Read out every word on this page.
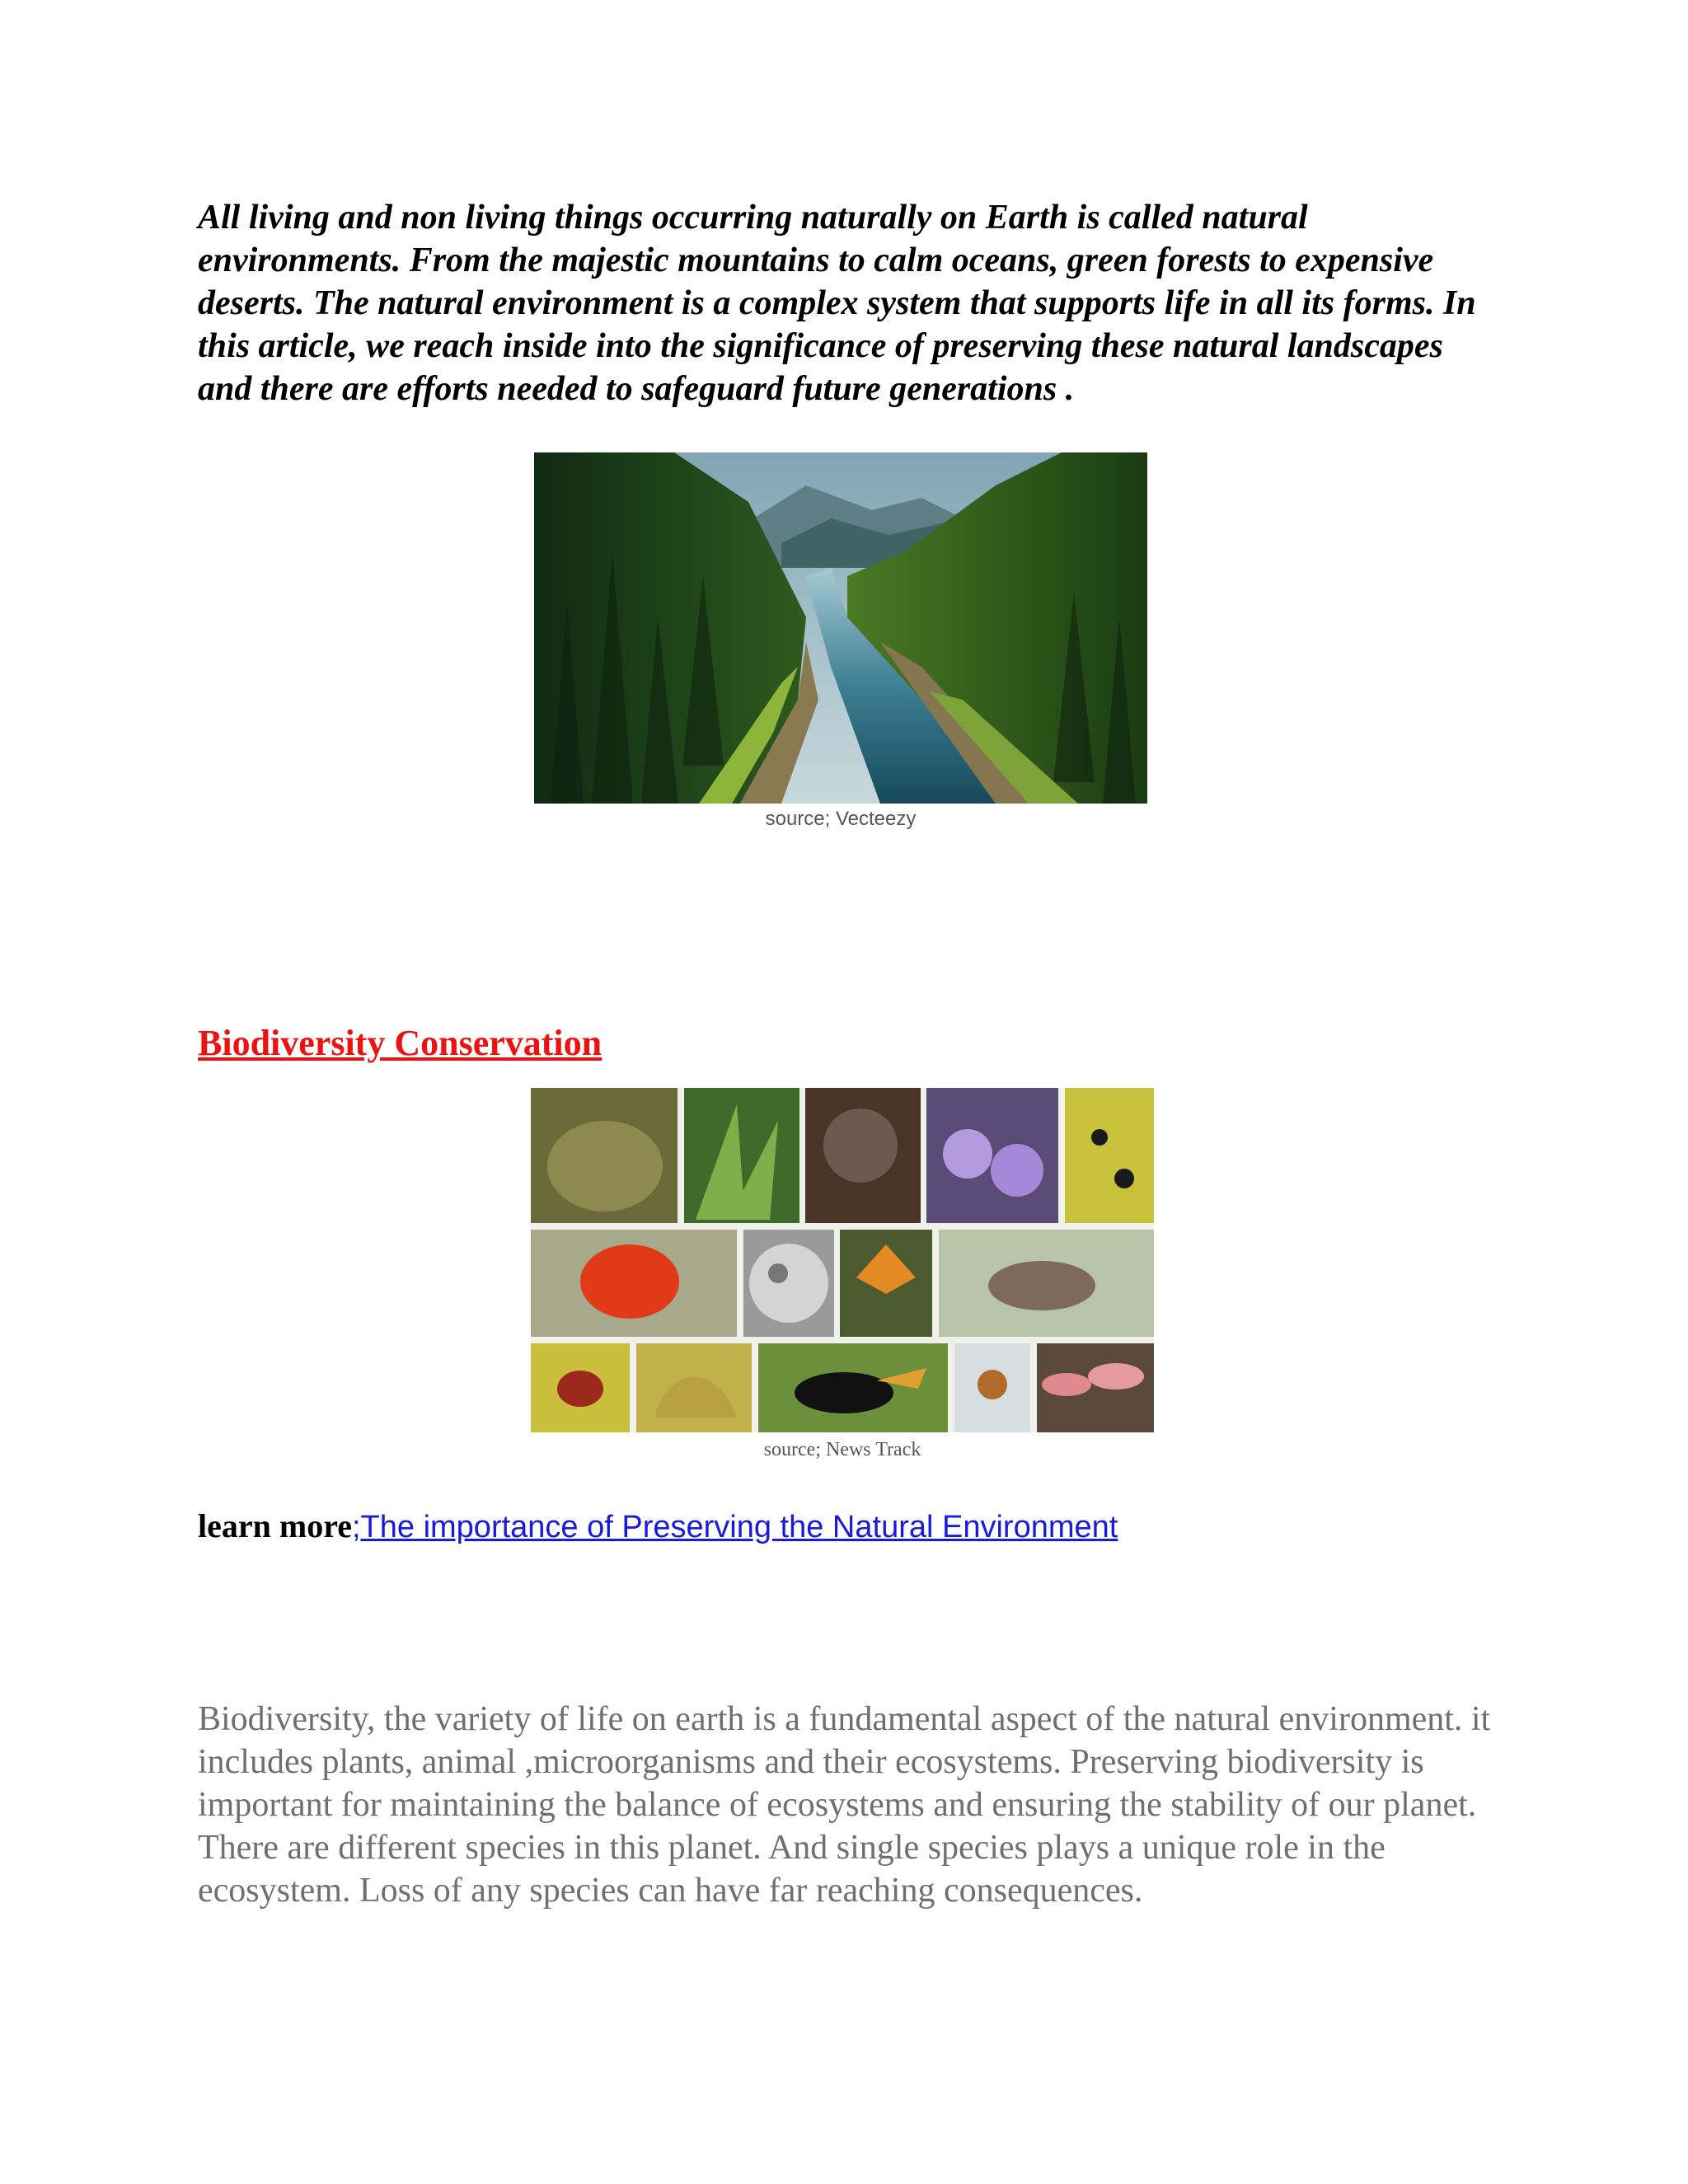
All living and non living things occurring naturally on Earth is called natural environments. From the majestic mountains to calm oceans, green forests to expensive deserts. The natural environment is a complex system that supports life in all its forms. In this article, we reach inside into the significance of preserving these natural landscapes and there are efforts needed to safeguard future generations .

source; Vecteezy
Biodiversity Conservation
source; News Track

learn more;The importance of Preserving the Natural Environment

Biodiversity, the variety of life on earth is a fundamental aspect of the natural environment. it includes plants, animal ,microorganisms and their ecosystems. Preserving biodiversity is important for maintaining the balance of ecosystems and ensuring the stability of our planet. There are different species in this planet. And single species plays a unique role in the ecosystem. Loss of any species can have far reaching consequences.
